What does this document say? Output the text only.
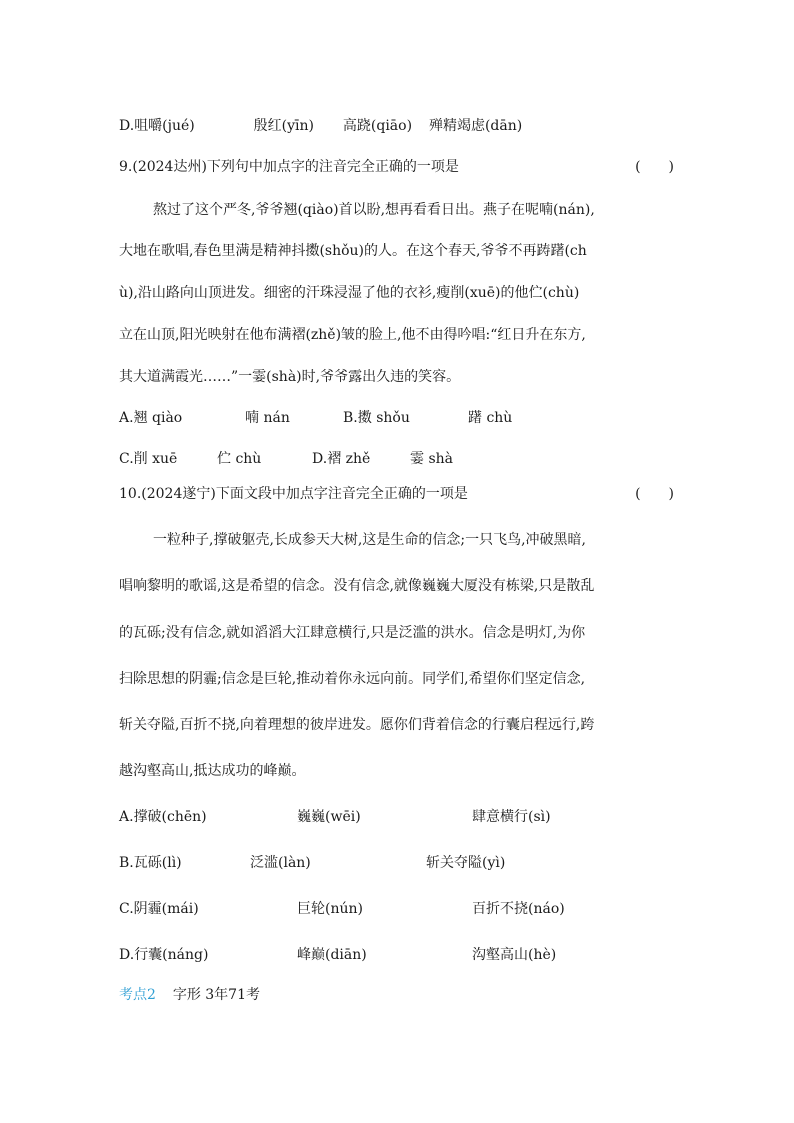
D.咀嚼(jué)	殷红(yīn) 高跷(qiāo) 殚精竭虑(dān)
9.(2024达州)下列句中加点字的注音完全正确的一项是	(　　)
熬过了这个严冬,爷爷翘(qiào)首以盼,想再看看日出。燕子在呢喃(nán),
大地在歌唱,春色里满是精神抖擞(shǒu)的人。在这个春天,爷爷不再踌躇(ch
ù),沿山路向山顶进发。细密的汗珠浸湿了他的衣衫,瘦削(xuē)的他伫(chù)
立在山顶,阳光映射在他布满褶(zhě)皱的脸上,他不由得吟唱:“红日升在东方,
其大道满霞光……”一霎(shà)时,爷爷露出久违的笑容。
A.翘 qiào	喃 nán	B.擞 shǒu	躇 chù
C.削 xuē	伫 chù	D.褶 zhě	霎 shà
10.(2024遂宁)下面文段中加点字注音完全正确的一项是	(　　)
一粒种子,撑破躯壳,长成参天大树,这是生命的信念;一只飞鸟,冲破黑暗,
唱响黎明的歌谣,这是希望的信念。没有信念,就像巍巍大厦没有栋梁,只是散乱
的瓦砾;没有信念,就如滔滔大江肆意横行,只是泛滥的洪水。信念是明灯,为你
扫除思想的阴霾;信念是巨轮,推动着你永远向前。同学们,希望你们坚定信念,
斩关夺隘,百折不挠,向着理想的彼岸进发。愿你们背着信念的行囊启程远行,跨
越沟壑高山,抵达成功的峰巅。
A.撑破(chēn)	巍巍(wēi)	肆意横行(sì)
B.瓦砾(lì)	泛滥(làn)	斩关夺隘(yì)
C.阴霾(mái)	巨轮(nún)	百折不挠(náo)
D.行囊(náng)	峰巅(diān)	沟壑高山(hè)
考点2 字形 3年71考
